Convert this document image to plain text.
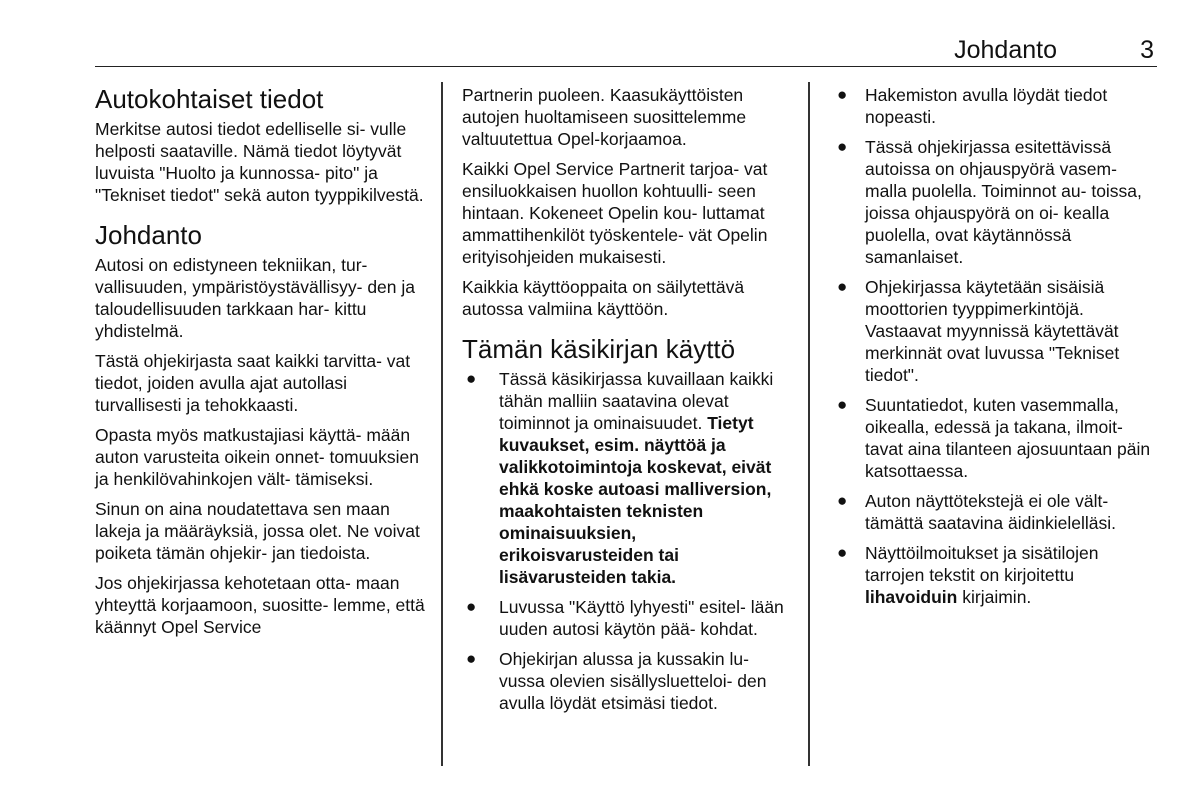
Johdanto	3
Autokohtaiset tiedot

Merkitse autosi tiedot edelliselle si- vulle helposti saataville. Nämä tiedot löytyvät luvuista "Huolto ja kunnossa- pito" ja "Tekniset tiedot" sekä auton tyyppikilvestä.

Johdanto

Autosi on edistyneen tekniikan, tur- vallisuuden, ympäristöystävällisyy- den ja taloudellisuuden tarkkaan har- kittu yhdistelmä.

Tästä ohjekirjasta saat kaikki tarvitta- vat tiedot, joiden avulla ajat autollasi turvallisesti ja tehokkaasti.

Opasta myös matkustajiasi käyttä- mään auton varusteita oikein onnet- tomuuksien ja henkilövahinkojen vält- tämiseksi.

Sinun on aina noudatettava sen maan lakeja ja määräyksiä, jossa olet. Ne voivat poiketa tämän ohjekir- jan tiedoista.

Jos ohjekirjassa kehotetaan otta- maan yhteyttä korjaamoon, suositte- lemme, että käännyt Opel Service

Partnerin puoleen. Kaasukäyttöisten autojen huoltamiseen suosittelemme valtuutettua Opel-korjaamoa.

Kaikki Opel Service Partnerit tarjoa- vat ensiluokkaisen huollon kohtuulli- seen hintaan. Kokeneet Opelin kou- luttamat ammattihenkilöt työskentele- vät Opelin erityisohjeiden mukaisesti.

Kaikkia käyttöoppaita on säilytettävä autossa valmiina käyttöön.

Tämän käsikirjan käyttö
● Tässä käsikirjassa kuvaillaan kaikki tähän malliin saatavina olevat toiminnot ja ominaisuudet. Tietyt kuvaukset, esim. näyttöä ja valikkotoimintoja koskevat, eivät ehkä koske autoasi malliversion, maakohtaisten teknisten ominaisuuksien, erikoisvarusteiden tai lisävarusteiden takia.
● Luvussa "Käyttö lyhyesti" esitel- lään uuden autosi käytön pää- kohdat.
● Ohjekirjan alussa ja kussakin lu- vussa olevien sisällysluetteloi- den avulla löydät etsimäsi tiedot.
● Hakemiston avulla löydät tiedot nopeasti.
● Tässä ohjekirjassa esitettävissä autoissa on ohjauspyörä vasem- malla puolella. Toiminnot au- toissa, joissa ohjauspyörä on oi- kealla puolella, ovat käytännössä samanlaiset.
● Ohjekirjassa käytetään sisäisiä moottorien tyyppimerkintöjä. Vastaavat myynnissä käytettävät merkinnät ovat luvussa "Tekniset tiedot".
● Suuntatiedot, kuten vasemmalla, oikealla, edessä ja takana, ilmoit- tavat aina tilanteen ajosuuntaan päin katsottaessa.
● Auton näyttötekstejä ei ole vält- tämättä saatavina äidinkielelläsi.
● Näyttöilmoitukset ja sisätilojen tarrojen tekstit on kirjoitettu lihavoiduin kirjaimin.
